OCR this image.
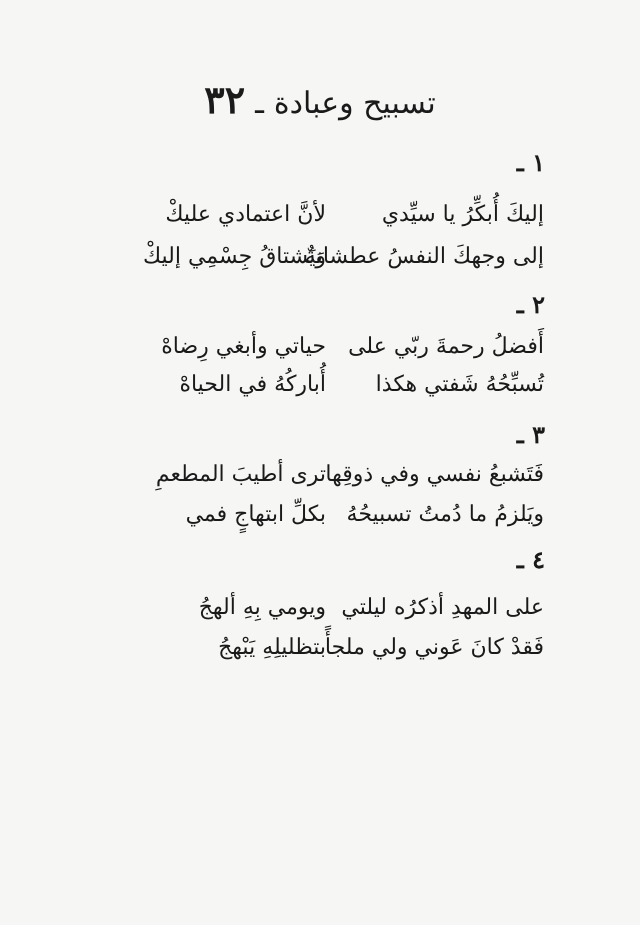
تسبيح وعبادةـ٣٢
١ ـ
إليكَ أُبكِّرُ يا سيِّدي
لأنَّ اعتمادي عليكْ
إلى وجهكَ النفسُ عطشانةٌ
وَيَشتاقُ جِسْمِي إليكْ
٢ ـ
أَفضلُ رحمةَ ربّي على
حياتي وأبغي رِضاهْ
تُسبِّحُهُ شَفتي هكذا
أُباركُهُ في الحياهْ
٣ ـ
فَتَشبعُ نفسي وفي ذوقِها
ترى أطيبَ المطعمِ
ويَلزمُ ما دُمتُ تسبيحُهُ
بكلِّ ابتهاجٍ فمي
٤ ـ
على المهدِ أذكرُه ليلتي
ويومي بِهِ ألهجُ
فَقدْ كانَ عَوني ولي ملجأً
بتظليلِهِ يَبْهجُ
